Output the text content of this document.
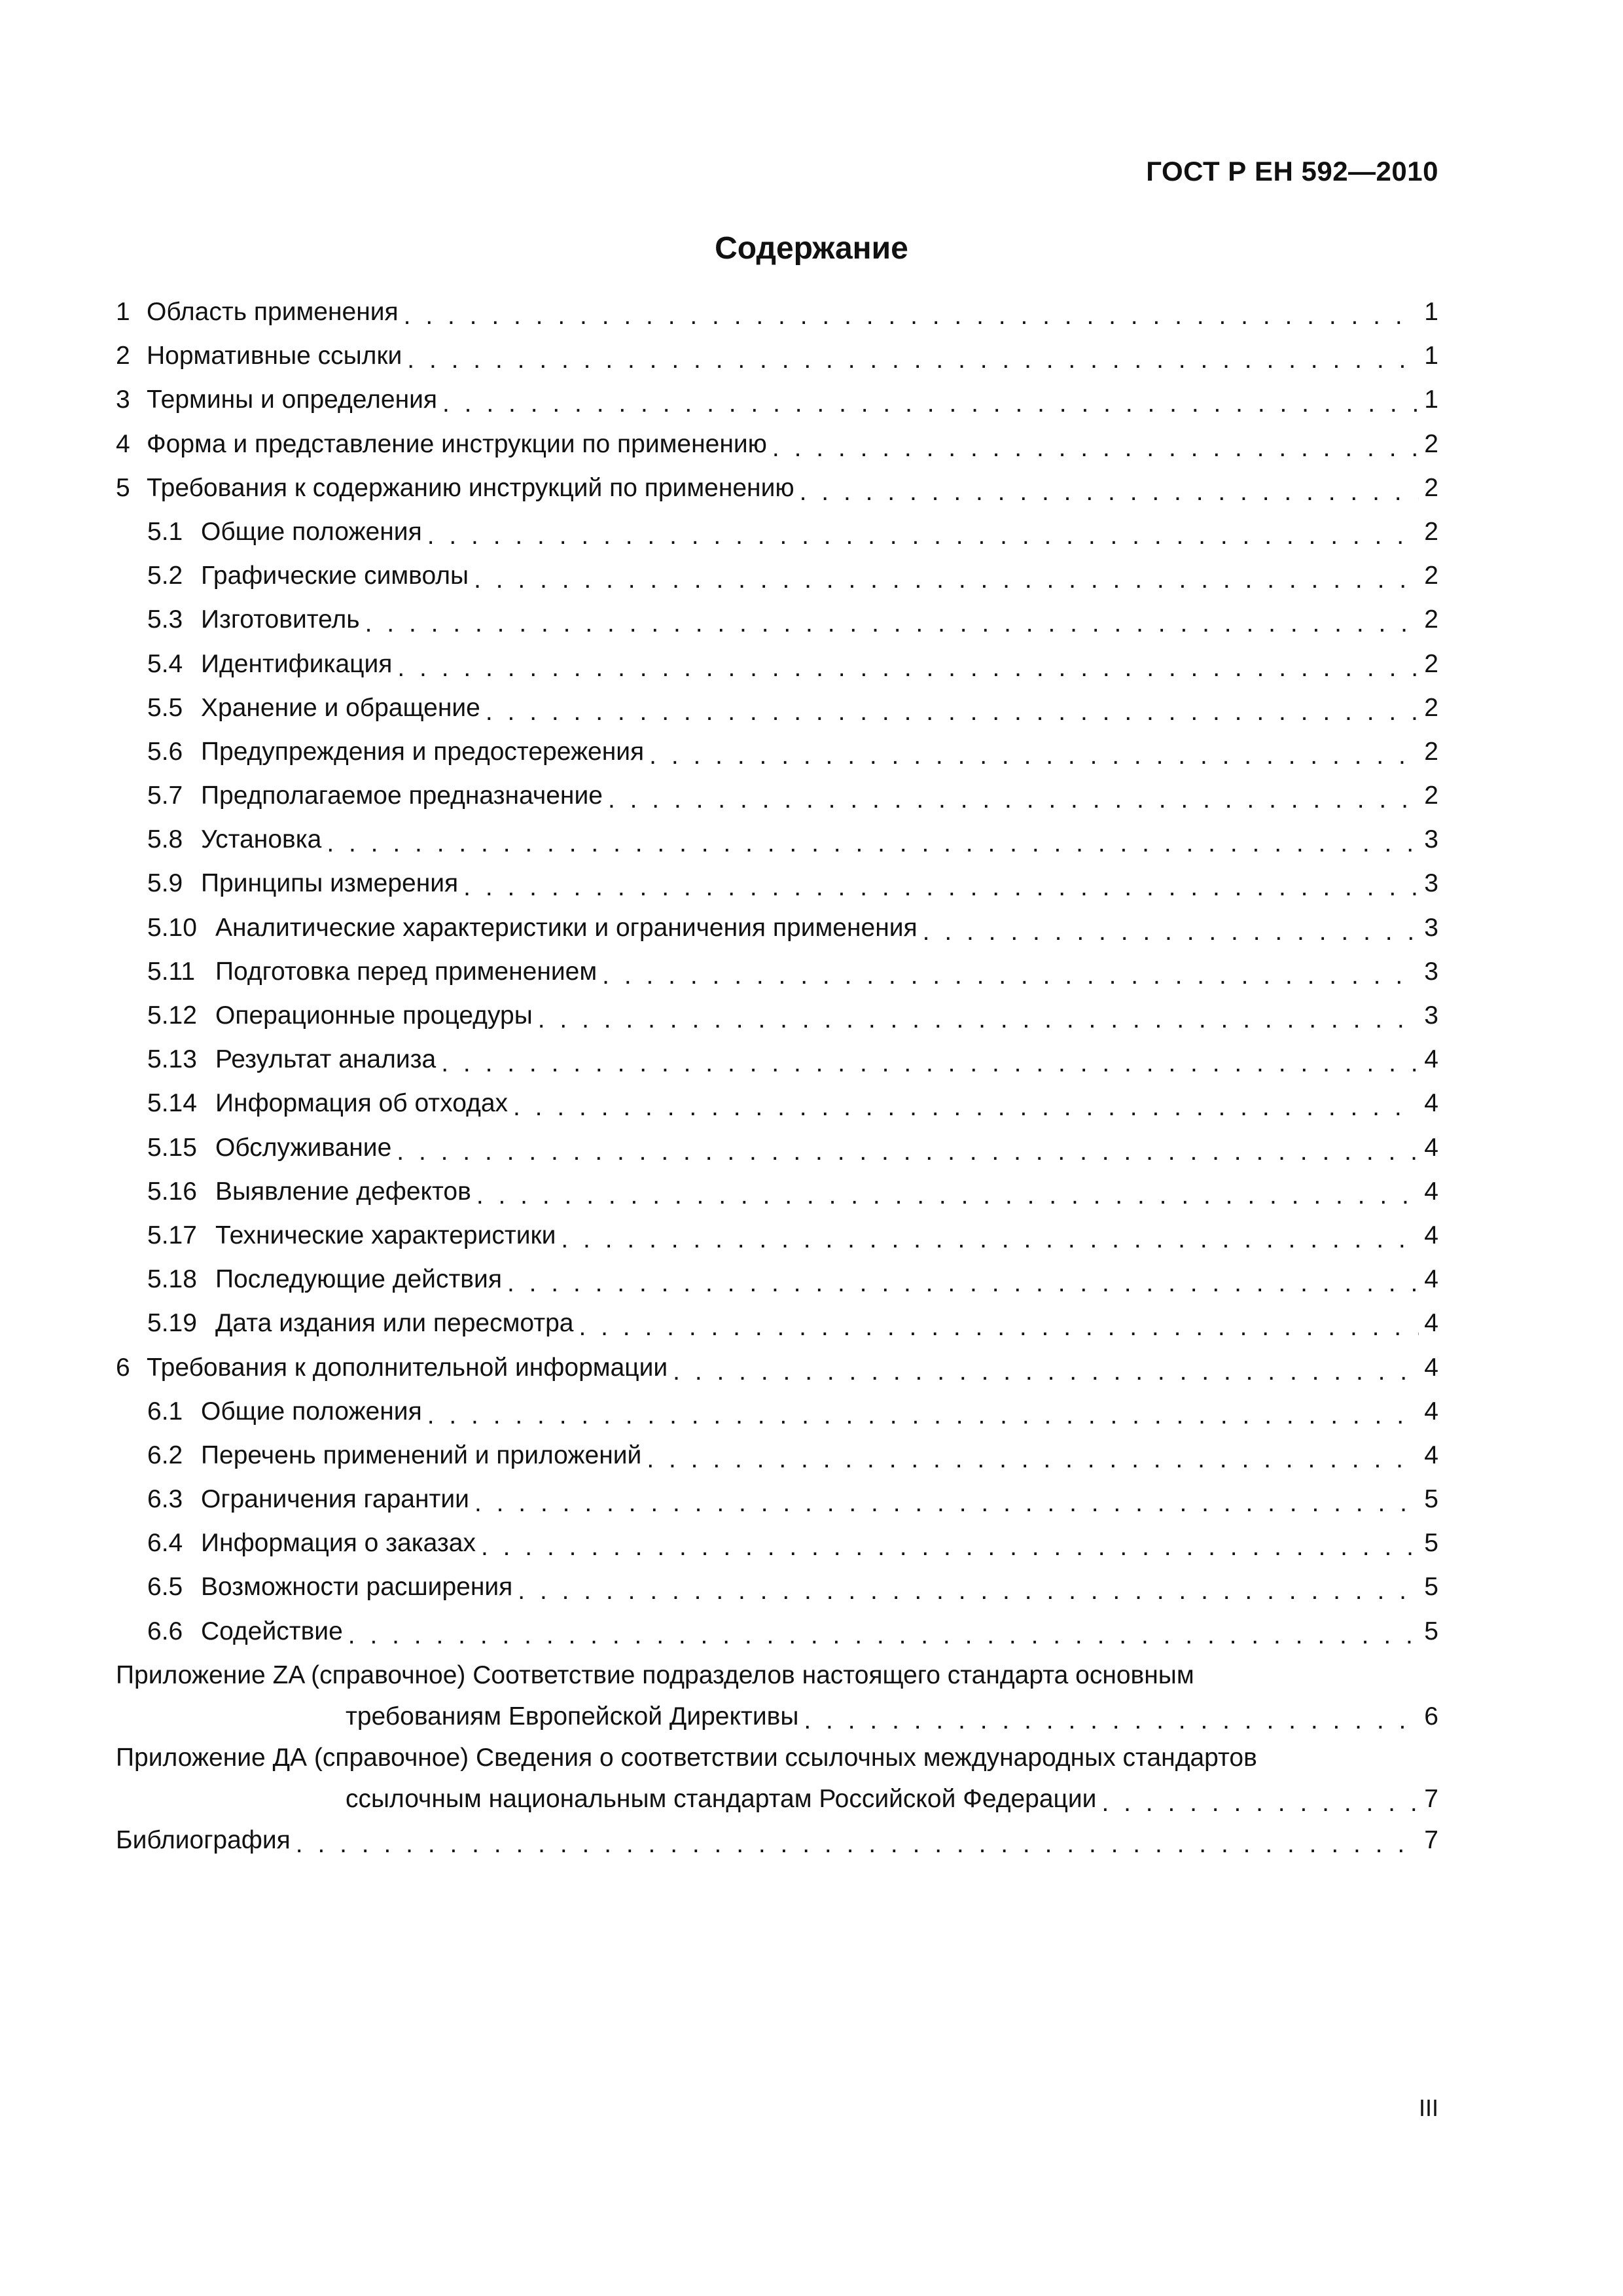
ГОСТ Р ЕН 592—2010
Содержание
1 Область применения . . .	1
2 Нормативные ссылки . . .	1
3 Термины и определения . . .	1
4 Форма и представление инструкции по применению . . .	2
5 Требования к содержанию инструкций по применению . . .	2
5.1 Общие положения . . .	2
5.2 Графические символы . . .	2
5.3 Изготовитель . . .	2
5.4 Идентификация . . .	2
5.5 Хранение и обращение . . .	2
5.6 Предупреждения и предостережения . . .	2
5.7 Предполагаемое предназначение . . .	2
5.8 Установка . . .	3
5.9 Принципы измерения . . .	3
5.10 Аналитические характеристики и ограничения применения . . .	3
5.11 Подготовка перед применением . . .	3
5.12 Операционные процедуры . . .	3
5.13 Результат анализа . . .	4
5.14 Информация об отходах . . .	4
5.15 Обслуживание . . .	4
5.16 Выявление дефектов . . .	4
5.17 Технические характеристики . . .	4
5.18 Последующие действия . . .	4
5.19 Дата издания или пересмотра . . .	4
6 Требования к дополнительной информации . . .	4
6.1 Общие положения . . .	4
6.2 Перечень применений и приложений . . .	4
6.3 Ограничения гарантии . . .	5
6.4 Информация о заказах . . .	5
6.5 Возможности расширения . . .	5
6.6 Содействие . . .	5
Приложение ZA (справочное) Соответствие подразделов настоящего стандарта основным
требованиям Европейской Директивы . . .	6
Приложение ДА (справочное) Сведения о соответствии ссылочных международных стандартов
ссылочным национальным стандартам Российской Федерации . . .	7
Библиография . . .	7
III
